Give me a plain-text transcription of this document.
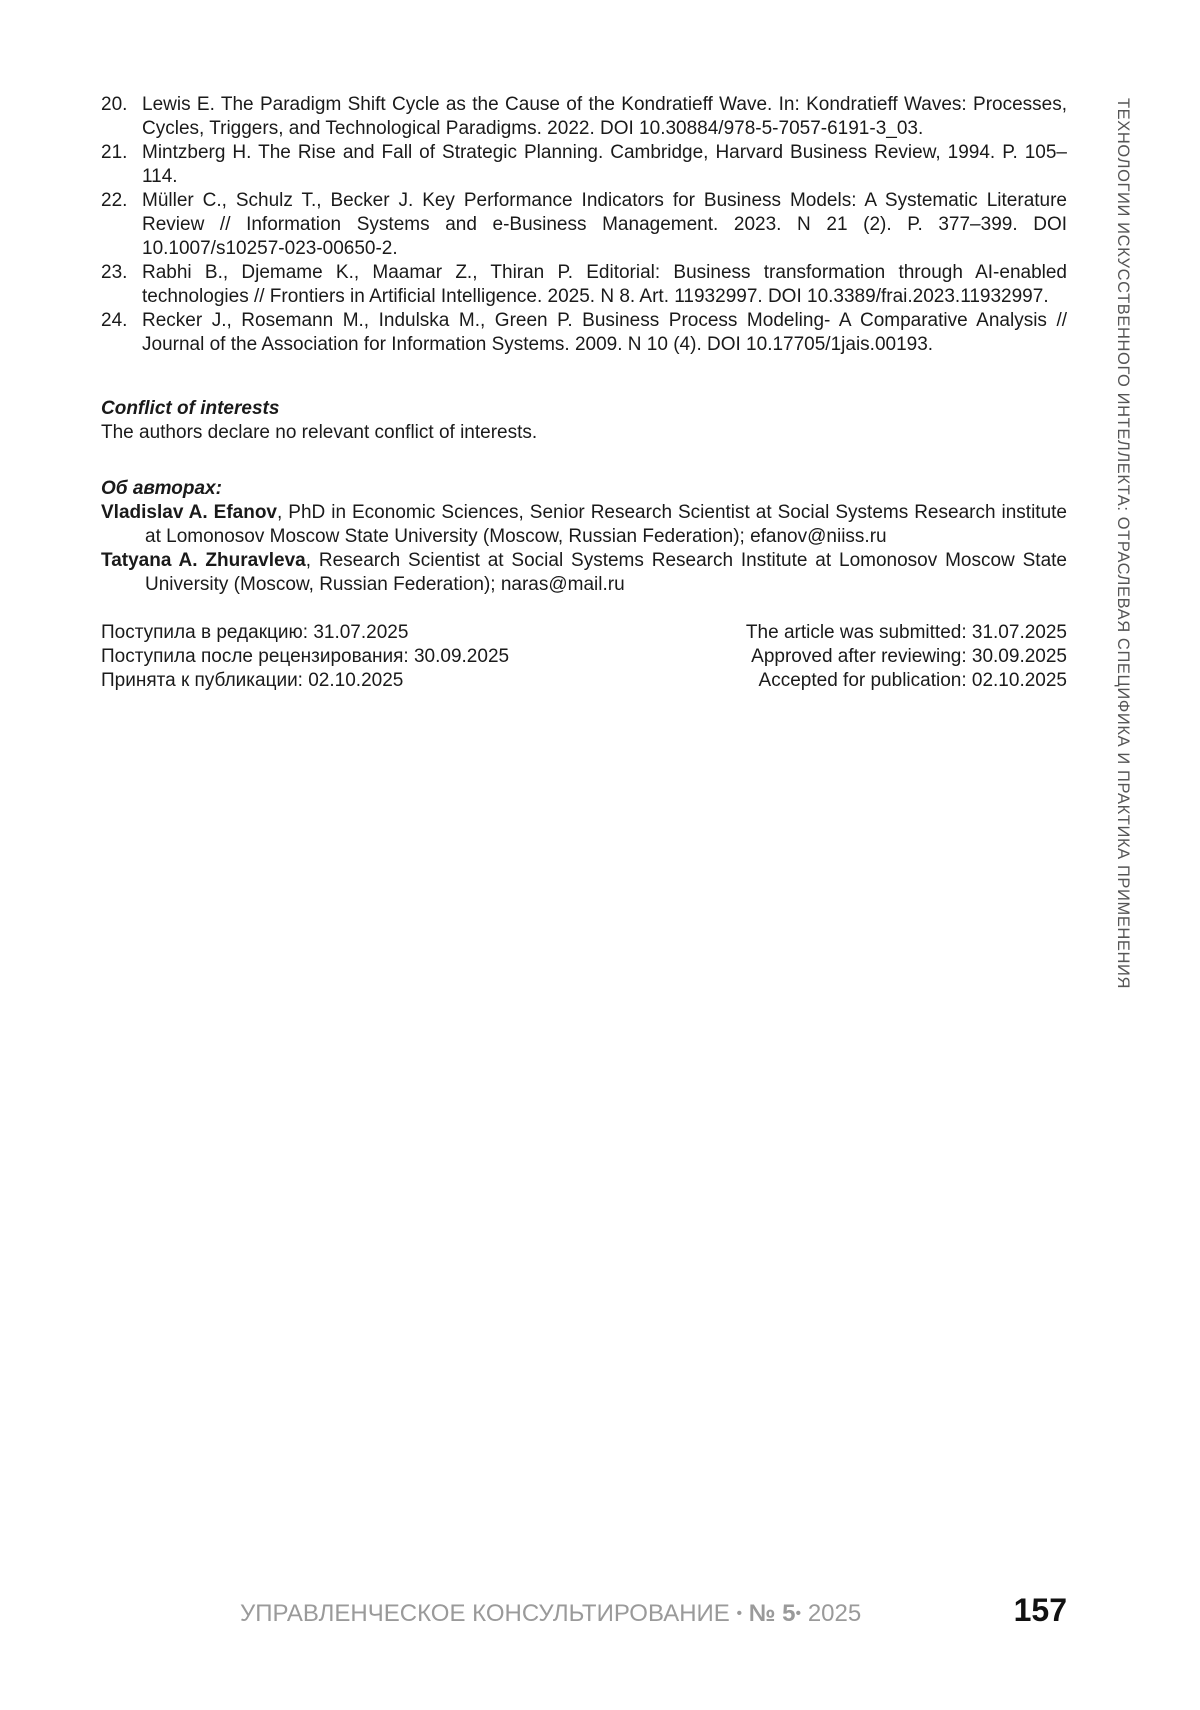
20. Lewis E. The Paradigm Shift Cycle as the Cause of the Kondratieff Wave. In: Kondratieff Waves: Processes, Cycles, Triggers, and Technological Paradigms. 2022. DOI 10.30884/978-5-7057-6191-3_03.
21. Mintzberg H. The Rise and Fall of Strategic Planning. Cambridge, Harvard Business Review, 1994. P. 105–114.
22. Müller C., Schulz T., Becker J. Key Performance Indicators for Business Models: A Systematic Literature Review // Information Systems and e-Business Management. 2023. N 21 (2). P. 377–399. DOI 10.1007/s10257-023-00650-2.
23. Rabhi B., Djemame K., Maamar Z., Thiran P. Editorial: Business transformation through AI-enabled technologies // Frontiers in Artificial Intelligence. 2025. N 8. Art. 11932997. DOI 10.3389/frai.2023.11932997.
24. Recker J., Rosemann M., Indulska M., Green P. Business Process Modeling- A Comparative Analysis // Journal of the Association for Information Systems. 2009. N 10 (4). DOI 10.17705/1jais.00193.
Conflict of interests
The authors declare no relevant conflict of interests.
Об авторах:
Vladislav A. Efanov, PhD in Economic Sciences, Senior Research Scientist at Social Systems Research institute at Lomonosov Moscow State University (Moscow, Russian Federation); efanov@niiss.ru
Tatyana A. Zhuravleva, Research Scientist at Social Systems Research Institute at Lomonosov Moscow State University (Moscow, Russian Federation); naras@mail.ru
Поступила в редакцию: 31.07.2025
Поступила после рецензирования: 30.09.2025
Принята к публикации: 02.10.2025
The article was submitted: 31.07.2025
Approved after reviewing: 30.09.2025
Accepted for publication: 02.10.2025	ТЕХНОЛОГИИ ИСКУССТВЕННОГО ИНТЕЛЛЕКТА: ОТРАСЛЕВАЯ СПЕЦИФИКА И ПРАКТИКА ПРИМЕНЕНИЯ
УПРАВЛЕНЧЕСКОЕ КОНСУЛЬТИРОВАНИЕ • № 5• 2025	157
